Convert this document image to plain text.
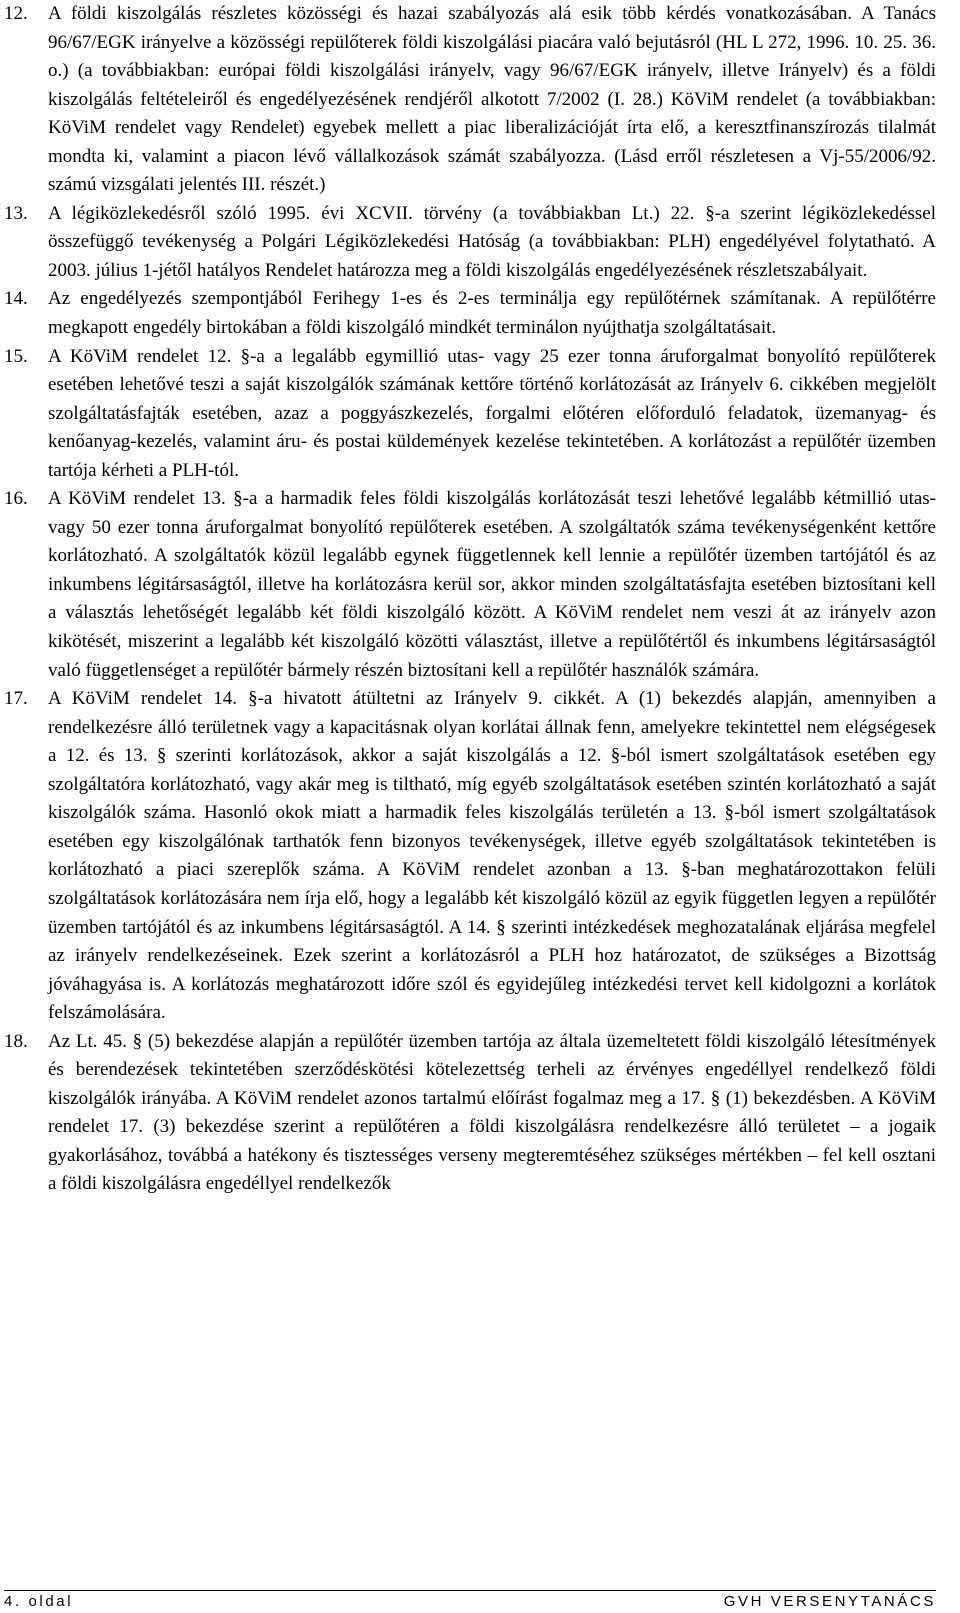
12.	A földi kiszolgálás részletes közösségi és hazai szabályozás alá esik több kérdés vonatkozásában. A Tanács 96/67/EGK irányelve a közösségi repülőterek földi kiszolgálási piacára való bejutásról (HL L 272, 1996. 10. 25. 36. o.) (a továbbiakban: európai földi kiszolgálási irányelv, vagy 96/67/EGK irányelv, illetve Irányelv) és a földi kiszolgálás feltételeiről és engedélyezésének rendjéről alkotott 7/2002 (I. 28.) KöViM rendelet (a továbbiakban: KöViM rendelet vagy Rendelet) egyebek mellett a piac liberalizációját írta elő, a keresztfinanszírozás tilalmát mondta ki, valamint a piacon lévő vállalkozások számát szabályozza. (Lásd erről részletesen a Vj-55/2006/92. számú vizsgálati jelentés III. részét.)
13.	A légiközlekedésről szóló 1995. évi XCVII. törvény (a továbbiakban Lt.) 22. §-a szerint légiközlekedéssel összefüggő tevékenység a Polgári Légiközlekedési Hatóság (a továbbiakban: PLH) engedélyével folytatható. A 2003. július 1-jétől hatályos Rendelet határozza meg a földi kiszolgálás engedélyezésének részletszabályait.
14.	Az engedélyezés szempontjából Ferihegy 1-es és 2-es terminálja egy repülőtérnek számítanak. A repülőtérre megkapott engedély birtokában a földi kiszolgáló mindkét terminálon nyújthatja szolgáltatásait.
15.	A KöViM rendelet 12. §-a a legalább egymillió utas- vagy 25 ezer tonna áruforgalmat bonyolító repülőterek esetében lehetővé teszi a saját kiszolgálók számának kettőre történő korlátozását az Irányelv 6. cikkében megjelölt szolgáltatásfajták esetében, azaz a poggyászkezelés, forgalmi előtéren előforduló feladatok, üzemanyag- és kenőanyag-kezelés, valamint áru- és postai küldemények kezelése tekintetében. A korlátozást a repülőtér üzemben tartója kérheti a PLH-tól.
16.	A KöViM rendelet 13. §-a a harmadik feles földi kiszolgálás korlátozását teszi lehetővé legalább kétmillió utas- vagy 50 ezer tonna áruforgalmat bonyolító repülőterek esetében. A szolgáltatók száma tevékenységenként kettőre korlátozható. A szolgáltatók közül legalább egynek függetlennek kell lennie a repülőtér üzemben tartójától és az inkumbens légitársaságtól, illetve ha korlátozásra kerül sor, akkor minden szolgáltatásfajta esetében biztosítani kell a választás lehetőségét legalább két földi kiszolgáló között. A KöViM rendelet nem veszi át az irányelv azon kikötését, miszerint a legalább két kiszolgáló közötti választást, illetve a repülőtértől és inkumbens légitársaságtól való függetlenséget a repülőtér bármely részén biztosítani kell a repülőtér használók számára.
17.	A KöViM rendelet 14. §-a hivatott átültetni az Irányelv 9. cikkét. A (1) bekezdés alapján, amennyiben a rendelkezésre álló területnek vagy a kapacitásnak olyan korlátai állnak fenn, amelyekre tekintettel nem elégségesek a 12. és 13. § szerinti korlátozások, akkor a saját kiszolgálás a 12. §-ból ismert szolgáltatások esetében egy szolgáltatóra korlátozható, vagy akár meg is tiltható, míg egyéb szolgáltatások esetében szintén korlátozható a saját kiszolgálók száma. Hasonló okok miatt a harmadik feles kiszolgálás területén a 13. §-ból ismert szolgáltatások esetében egy kiszolgálónak tarthatók fenn bizonyos tevékenységek, illetve egyéb szolgáltatások tekintetében is korlátozható a piaci szereplők száma. A KöViM rendelet azonban a 13. §-ban meghatározottakon felüli szolgáltatások korlátozására nem írja elő, hogy a legalább két kiszolgáló közül az egyik független legyen a repülőtér üzemben tartójától és az inkumbens légitársaságtól. A 14. § szerinti intézkedések meghozatalának eljárása megfelel az irányelv rendelkezéseinek. Ezek szerint a korlátozásról a PLH hoz határozatot, de szükséges a Bizottság jóváhagyása is. A korlátozás meghatározott időre szól és egyidejűleg intézkedési tervet kell kidolgozni a korlátok felszámolására.
18.	Az Lt. 45. § (5) bekezdése alapján a repülőtér üzemben tartója az általa üzemeltetett földi kiszolgáló létesítmények és berendezések tekintetében szerződéskötési kötelezettség terheli az érvényes engedéllyel rendelkező földi kiszolgálók irányába. A KöViM rendelet azonos tartalmú előírást fogalmaz meg a 17. § (1) bekezdésben. A KöViM rendelet 17. (3) bekezdése szerint a repülőtéren a földi kiszolgálásra rendelkezésre álló területet – a jogaik gyakorlásához, továbbá a hatékony és tisztességes verseny megteremtéséhez szükséges mértékben – fel kell osztani a földi kiszolgálásra engedéllyel rendelkezők
4. oldal	GVH VERSENYTANÁCS
